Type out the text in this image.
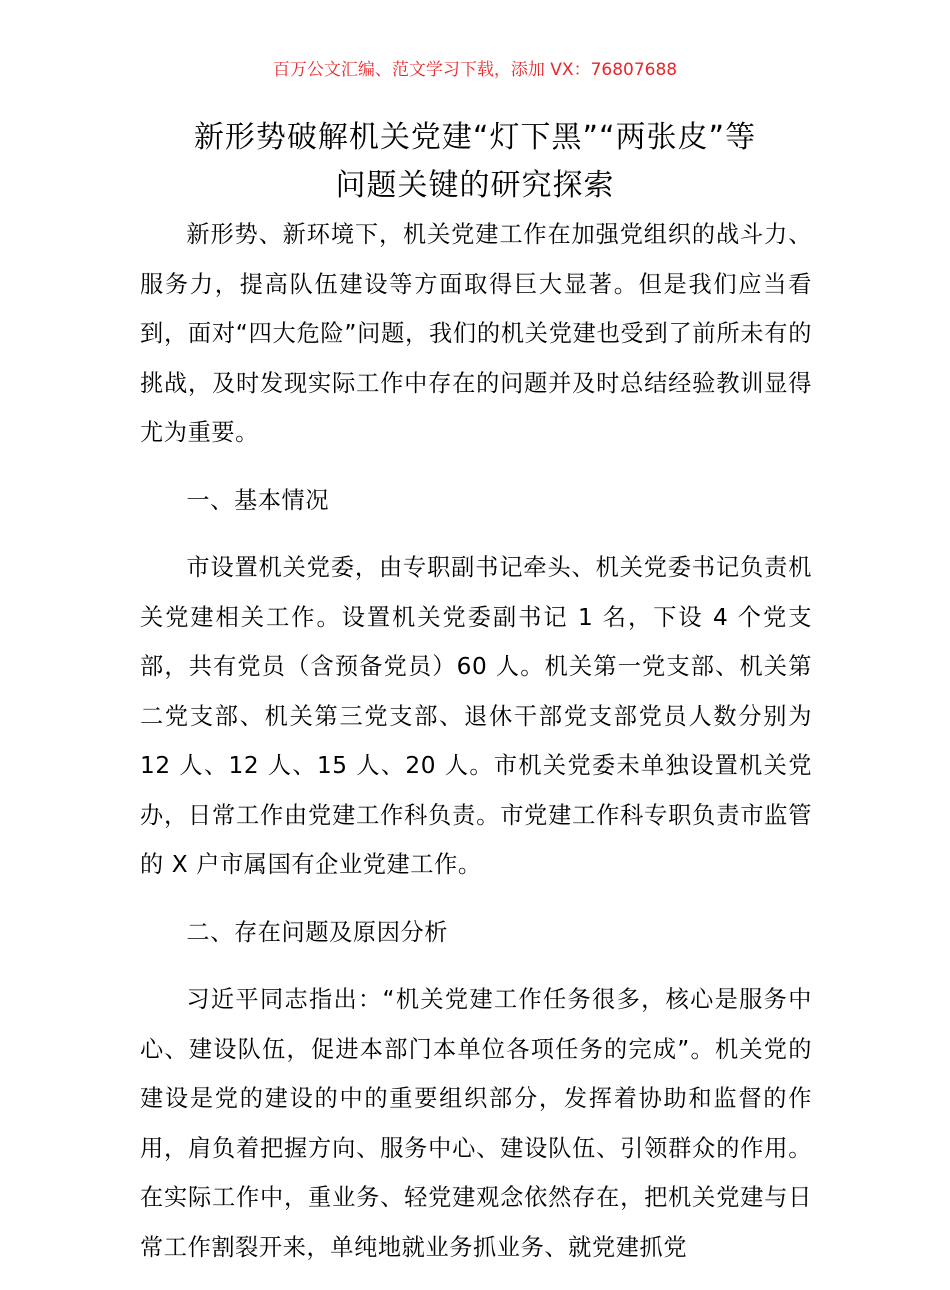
百万公文汇编、范文学习下载，添加 VX：76807688
新形势破解机关党建“灯下黑”“两张皮”等
问题关键的研究探索

新形势、新环境下，机关党建工作在加强党组织的战斗力、服务力，提高队伍建设等方面取得巨大显著。但是我们应当看到，面对“四大危险”问题，我们的机关党建也受到了前所未有的挑战，及时发现实际工作中存在的问题并及时总结经验教训显得尤为重要。

一、基本情况

市设置机关党委，由专职副书记牵头、机关党委书记负责机关党建相关工作。设置机关党委副书记 1 名，下设 4 个党支部，共有党员（含预备党员）60 人。机关第一党支部、机关第二党支部、机关第三党支部、退休干部党支部党员人数分别为 12 人、12 人、15 人、20 人。市机关党委未单独设置机关党办，日常工作由党建工作科负责。市党建工作科专职负责市监管的 X 户市属国有企业党建工作。

二、存在问题及原因分析

习近平同志指出：“机关党建工作任务很多，核心是服务中心、建设队伍，促进本部门本单位各项任务的完成”。机关党的建设是党的建设的中的重要组织部分，发挥着协助和监督的作用，肩负着把握方向、服务中心、建设队伍、引领群众的作用。在实际工作中，重业务、轻党建观念依然存在，把机关党建与日常工作割裂开来，单纯地就业务抓业务、就党建抓党
